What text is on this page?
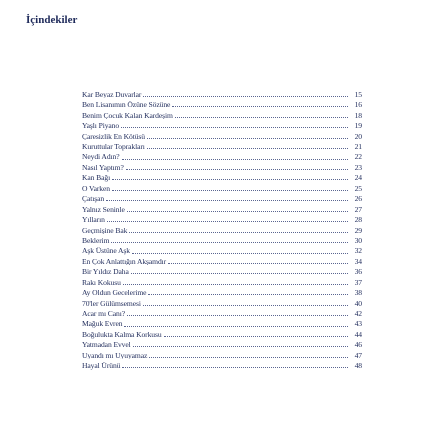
İçindekiler
Kar Beyaz Duvarlar	15
Ben Lisanımın Özüne Sözüne	16
Benim Çocuk Kalan Kardeşim	18
Yaşlı Piyano	19
Çaresizlik En Kötüsü	20
Kuruttular Toprakları	21
Neydi Adın?	22
Nasıl Yaptım?	23
Kan Bağı	24
O Varken	25
Çatışan	26
Yalnız Seninle	27
Yılların	28
Geçmişine Bak	29
Beklerim	30
Aşk Üstüne Aşk	32
En Çok Anlattığın Akşamdır	34
Bir Yıldız Daha	36
Rakı Kokusu	37
Ay Oldun Gecelerime	38
70'ler Gülümsemesi	40
Acar mı Canı?	42
Mağuk Evren	43
Boğulukta Kalma Korkusu	44
Yatmadan Evvel	46
Uyandı mı Uyuyamaz	47
Hayal Ürünü	48
